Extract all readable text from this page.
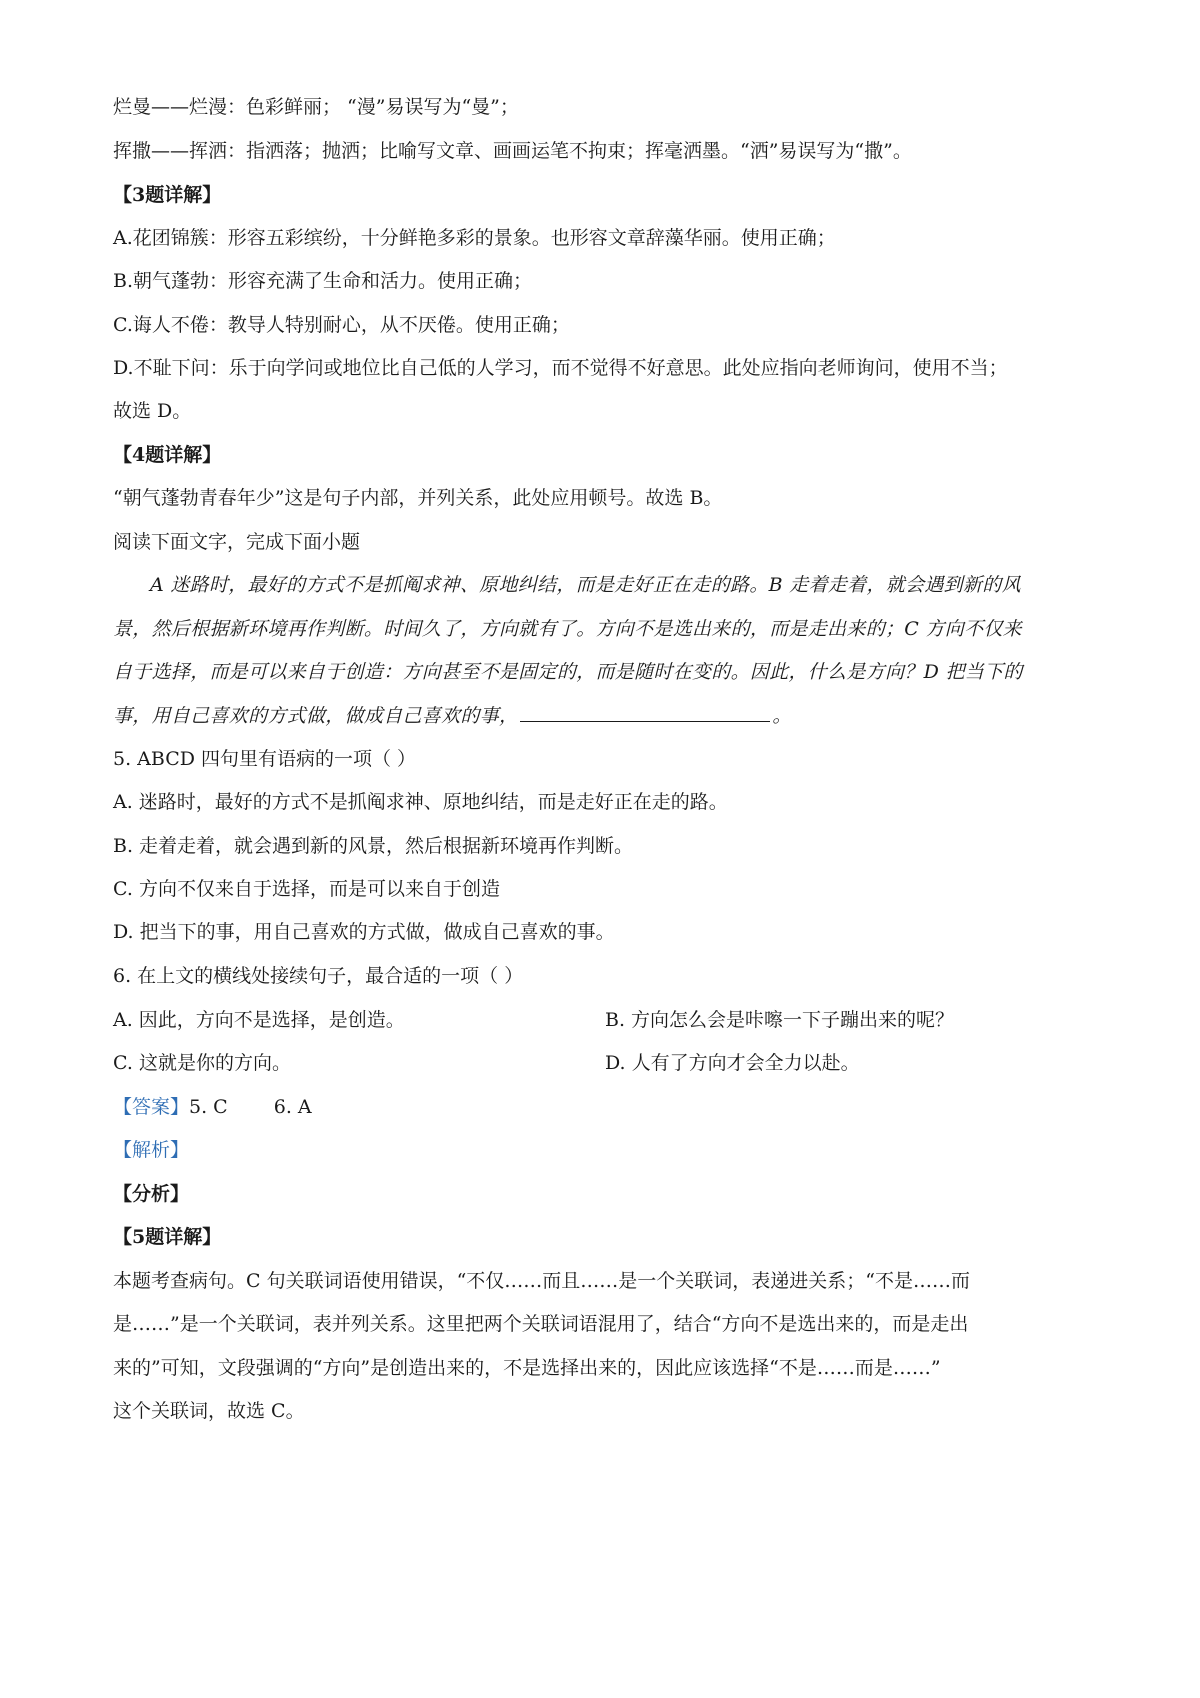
烂曼——烂漫：色彩鲜丽； “漫”易误写为“曼”；
挥撒——挥洒：指洒落；抛洒；比喻写文章、画画运笔不拘束；挥毫洒墨。“洒”易误写为“撒”。
【3题详解】
A.花团锦簇：形容五彩缤纷，十分鲜艳多彩的景象。也形容文章辞藻华丽。使用正确；
B.朝气蓬勃：形容充满了生命和活力。使用正确；
C.诲人不倦：教导人特别耐心，从不厌倦。使用正确；
D.不耻下问：乐于向学问或地位比自己低的人学习，而不觉得不好意思。此处应指向老师询问，使用不当；
故选 D。
【4题详解】
“朝气蓬勃青春年少”这是句子内部，并列关系，此处应用顿号。故选 B。
阅读下面文字，完成下面小题
A 迷路时，最好的方式不是抓阄求神、原地纠结，而是走好正在走的路。B 走着走着，就会遇到新的风
景，然后根据新环境再作判断。时间久了，方向就有了。方向不是选出来的，而是走出来的；C 方向不仅来
自于选择，而是可以来自于创造：方向甚至不是固定的，而是随时在变的。因此，什么是方向？D 把当下的
事，用自己喜欢的方式做，做成自己喜欢的事，	。
5. ABCD 四句里有语病的一项（ ）
A. 迷路时，最好的方式不是抓阄求神、原地纠结，而是走好正在走的路。
B. 走着走着，就会遇到新的风景，然后根据新环境再作判断。
C. 方向不仅来自于选择，而是可以来自于创造
D. 把当下的事，用自己喜欢的方式做，做成自己喜欢的事。
6. 在上文的横线处接续句子，最合适的一项（ ）
A. 因此，方向不是选择，是创造。	B. 方向怎么会是咔嚓一下子蹦出来的呢？
C. 这就是你的方向。	D. 人有了方向才会全力以赴。
【答案】5. C 6. A
【解析】
【分析】
【5题详解】
本题考查病句。C 句关联词语使用错误，“不仅……而且……是一个关联词，表递进关系；“不是……而
是……”是一个关联词，表并列关系。这里把两个关联词语混用了，结合“方向不是选出来的，而是走出
来的”可知，文段强调的“方向”是创造出来的，不是选择出来的，因此应该选择“不是……而是……”
这个关联词，故选 C。
